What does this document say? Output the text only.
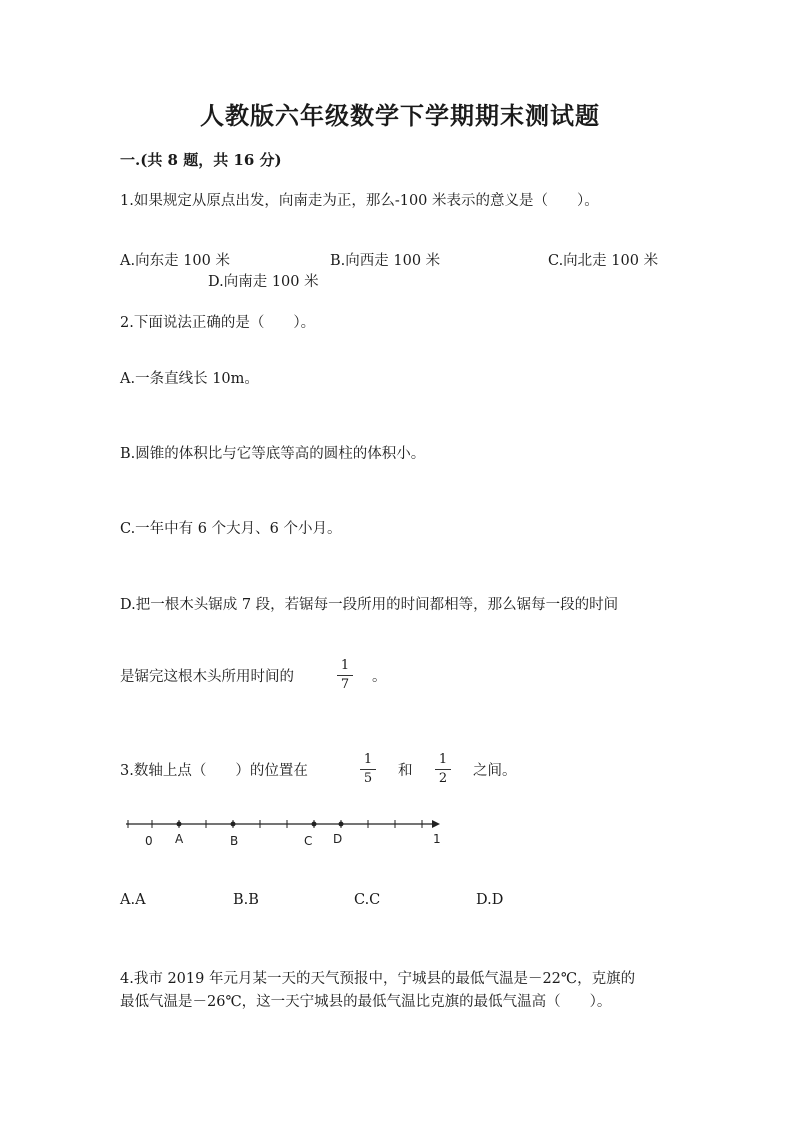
人教版六年级数学下学期期末测试题
一.(共 8 题，共 16 分)
1.如果规定从原点出发，向南走为正，那么-100 米表示的意义是（　　）。
A.向东走 100 米	B.向西走 100 米	C.向北走 100 米
D.向南走 100 米
2.下面说法正确的是（　　）。
A.一条直线长 10m。
B.圆锥的体积比与它等底等高的圆柱的体积小。
C.一年中有 6 个大月、6 个小月。
D.把一根木头锯成 7 段，若锯每一段所用的时间都相等，那么锯每一段的时间
是锯完这根木头所用时间的
1
7 。
3.数轴上点（　　）的位置在
1
5 和
1
2 之间。
0 A	B	C D	1
A.A	B.B	C.C	D.D
4.我市 2019 年元月某一天的天气预报中，宁城县的最低气温是－22℃，克旗的
最低气温是－26℃，这一天宁城县的最低气温比克旗的最低气温高（　　）。
